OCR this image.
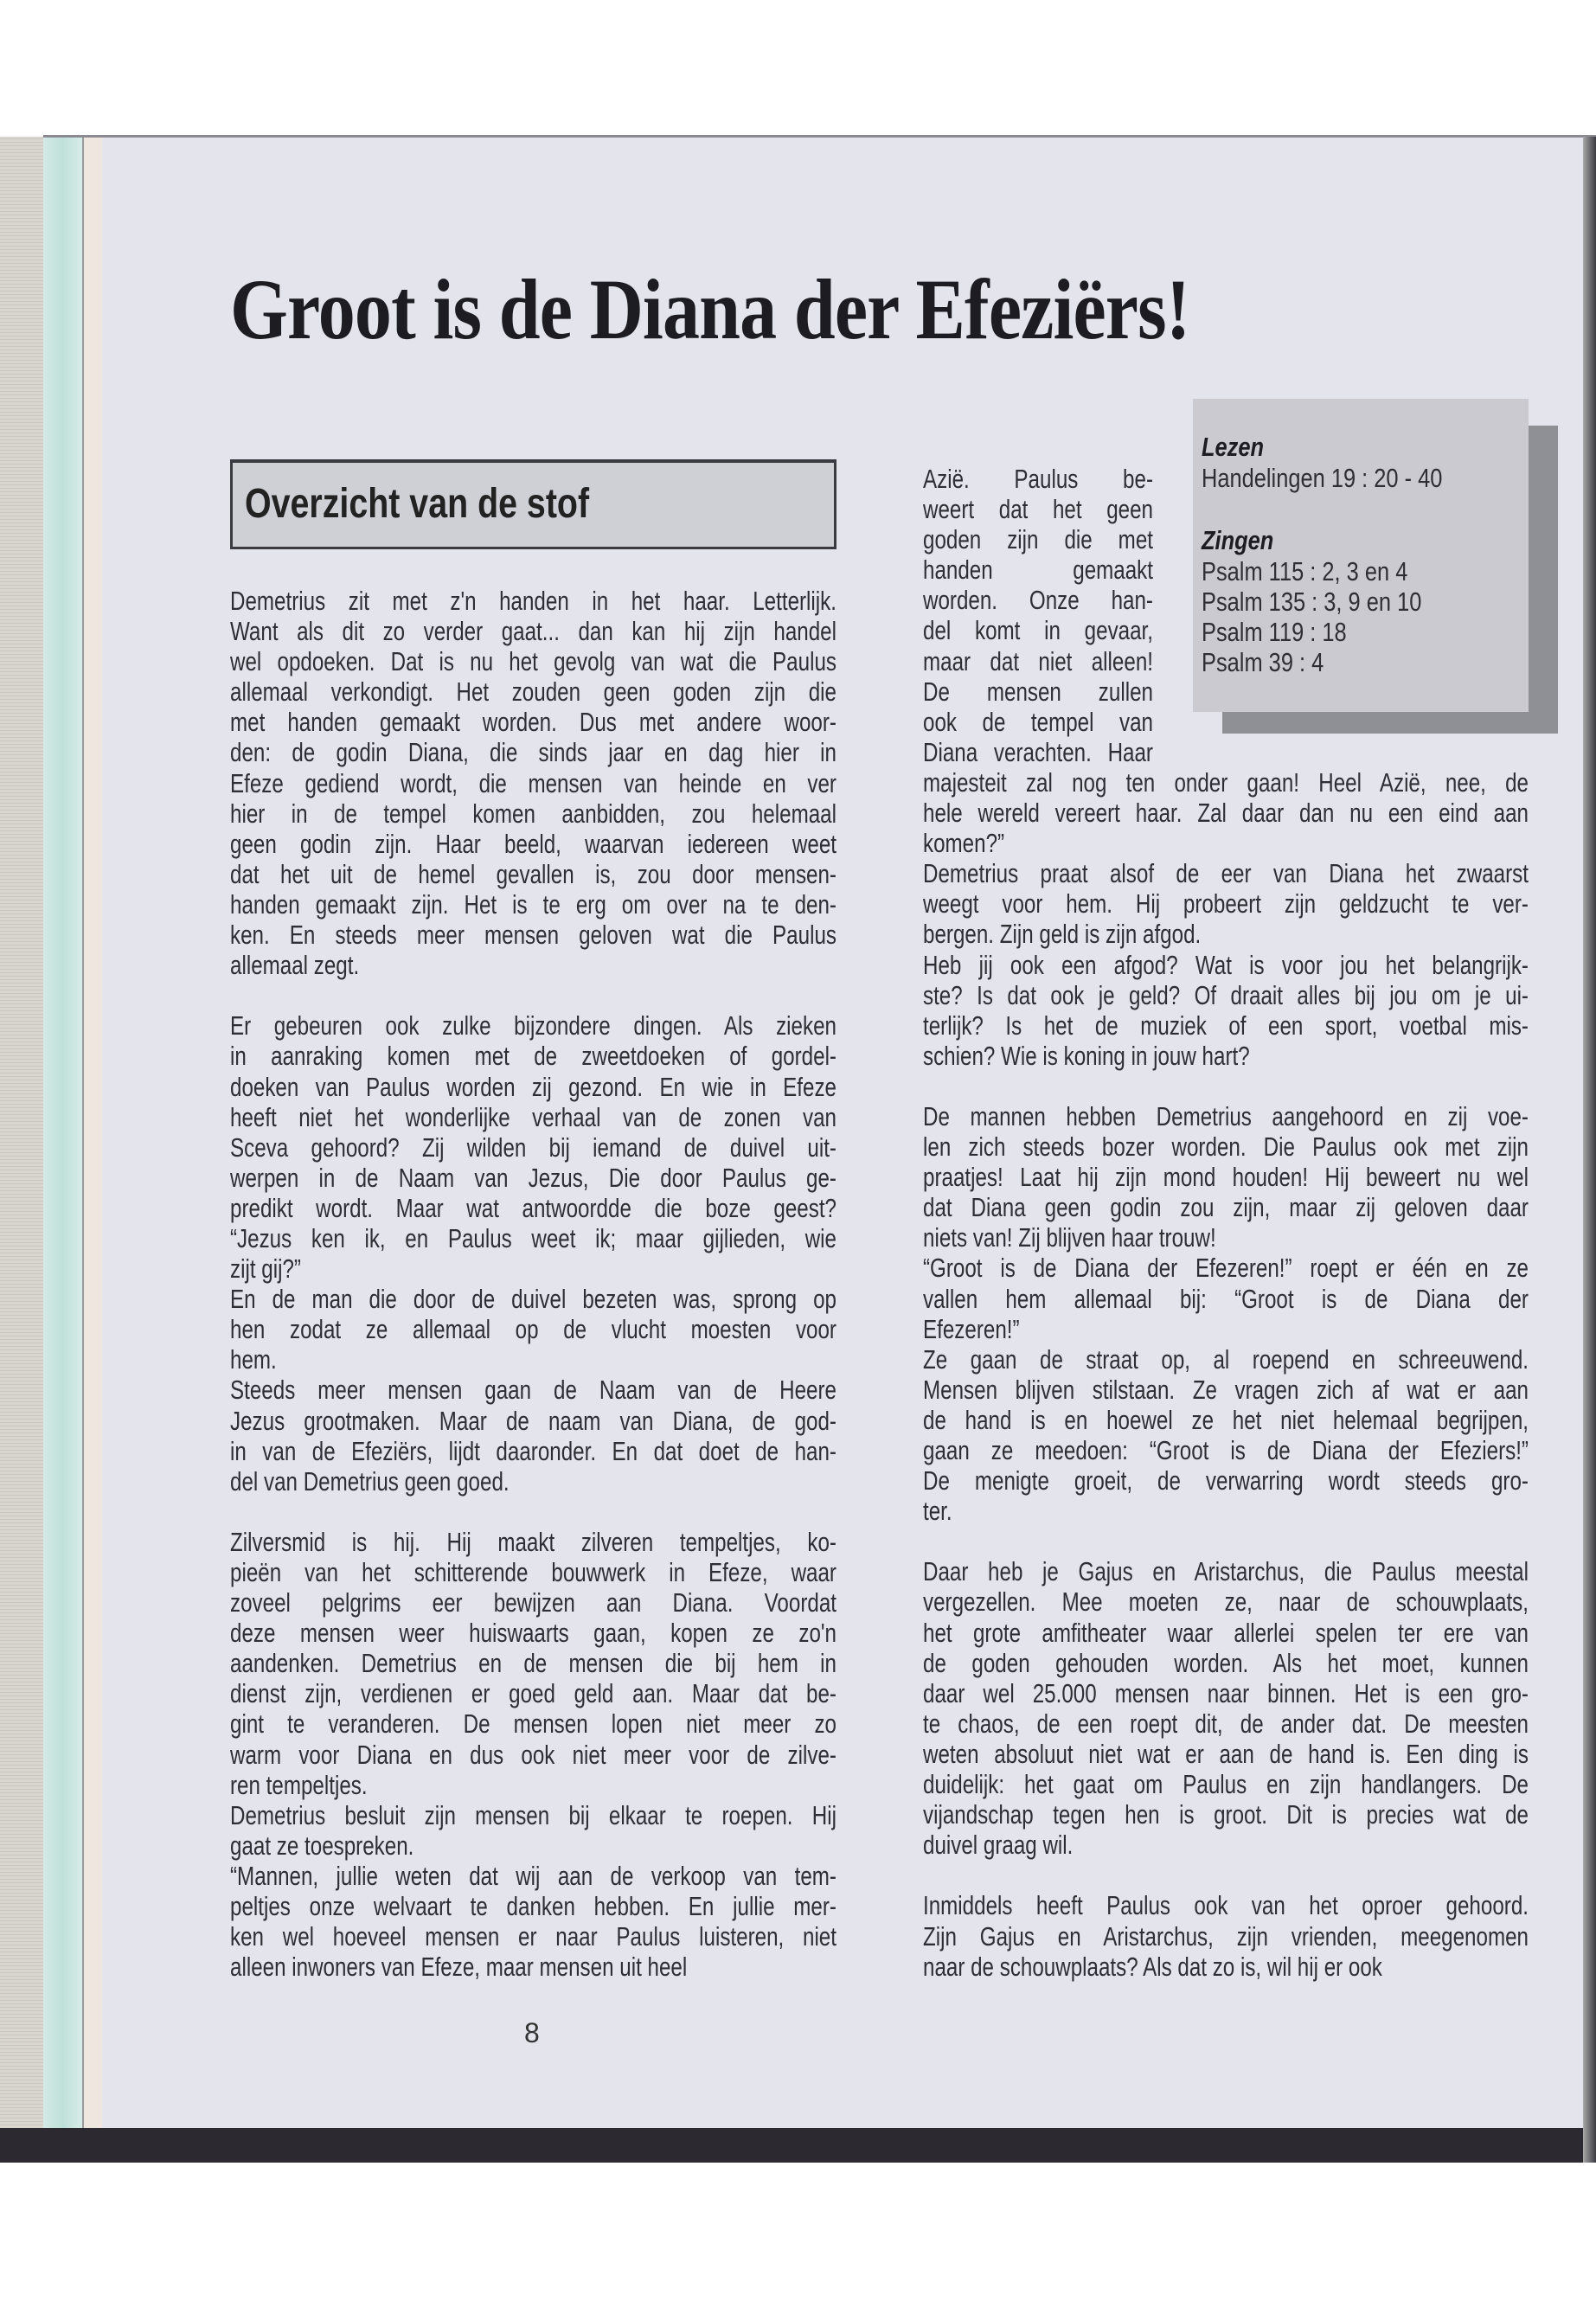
Groot is de Diana der Efeziërs!
Overzicht van de stof
Lezen
Handelingen 19 : 20 - 40
Zingen
Psalm 115 : 2, 3 en 4
Psalm 135 : 3, 9 en 10
Psalm 119 : 18
Psalm 39 : 4
Demetrius zit met z'n handen in het haar. Letterlijk.
Want als dit zo verder gaat... dan kan hij zijn handel
wel opdoeken. Dat is nu het gevolg van wat die Paulus
allemaal verkondigt. Het zouden geen goden zijn die
met handen gemaakt worden. Dus met andere woor-
den: de godin Diana, die sinds jaar en dag hier in
Efeze gediend wordt, die mensen van heinde en ver
hier in de tempel komen aanbidden, zou helemaal
geen godin zijn. Haar beeld, waarvan iedereen weet
dat het uit de hemel gevallen is, zou door mensen-
handen gemaakt zijn. Het is te erg om over na te den-
ken. En steeds meer mensen geloven wat die Paulus
allemaal zegt.
Er gebeuren ook zulke bijzondere dingen. Als zieken
in aanraking komen met de zweetdoeken of gordel-
doeken van Paulus worden zij gezond. En wie in Efeze
heeft niet het wonderlijke verhaal van de zonen van
Sceva gehoord? Zij wilden bij iemand de duivel uit-
werpen in de Naam van Jezus, Die door Paulus ge-
predikt wordt. Maar wat antwoordde die boze geest?
“Jezus ken ik, en Paulus weet ik; maar gijlieden, wie
zijt gij?”
En de man die door de duivel bezeten was, sprong op
hen zodat ze allemaal op de vlucht moesten voor
hem.
Steeds meer mensen gaan de Naam van de Heere
Jezus grootmaken. Maar de naam van Diana, de god-
in van de Efeziërs, lijdt daaronder. En dat doet de han-
del van Demetrius geen goed.
Zilversmid is hij. Hij maakt zilveren tempeltjes, ko-
pieën van het schitterende bouwwerk in Efeze, waar
zoveel pelgrims eer bewijzen aan Diana. Voordat
deze mensen weer huiswaarts gaan, kopen ze zo'n
aandenken. Demetrius en de mensen die bij hem in
dienst zijn, verdienen er goed geld aan. Maar dat be-
gint te veranderen. De mensen lopen niet meer zo
warm voor Diana en dus ook niet meer voor de zilve-
ren tempeltjes.
Demetrius besluit zijn mensen bij elkaar te roepen. Hij
gaat ze toespreken.
“Mannen, jullie weten dat wij aan de verkoop van tem-
peltjes onze welvaart te danken hebben. En jullie mer-
ken wel hoeveel mensen er naar Paulus luisteren, niet
alleen inwoners van Efeze, maar mensen uit heel
Azië. Paulus be-
weert dat het geen
goden zijn die met
handen gemaakt
worden. Onze han-
del komt in gevaar,
maar dat niet alleen!
De mensen zullen
ook de tempel van
Diana verachten. Haar
majesteit zal nog ten onder gaan! Heel Azië, nee, de
hele wereld vereert haar. Zal daar dan nu een eind aan
komen?”
Demetrius praat alsof de eer van Diana het zwaarst
weegt voor hem. Hij probeert zijn geldzucht te ver-
bergen. Zijn geld is zijn afgod.
Heb jij ook een afgod? Wat is voor jou het belangrijk-
ste? Is dat ook je geld? Of draait alles bij jou om je ui-
terlijk? Is het de muziek of een sport, voetbal mis-
schien? Wie is koning in jouw hart?
De mannen hebben Demetrius aangehoord en zij voe-
len zich steeds bozer worden. Die Paulus ook met zijn
praatjes! Laat hij zijn mond houden! Hij beweert nu wel
dat Diana geen godin zou zijn, maar zij geloven daar
niets van! Zij blijven haar trouw!
“Groot is de Diana der Efezeren!” roept er één en ze
vallen hem allemaal bij: “Groot is de Diana der
Efezeren!”
Ze gaan de straat op, al roepend en schreeuwend.
Mensen blijven stilstaan. Ze vragen zich af wat er aan
de hand is en hoewel ze het niet helemaal begrijpen,
gaan ze meedoen: “Groot is de Diana der Efeziers!”
De menigte groeit, de verwarring wordt steeds gro-
ter.
Daar heb je Gajus en Aristarchus, die Paulus meestal
vergezellen. Mee moeten ze, naar de schouwplaats,
het grote amfitheater waar allerlei spelen ter ere van
de goden gehouden worden. Als het moet, kunnen
daar wel 25.000 mensen naar binnen. Het is een gro-
te chaos, de een roept dit, de ander dat. De meesten
weten absoluut niet wat er aan de hand is. Een ding is
duidelijk: het gaat om Paulus en zijn handlangers. De
vijandschap tegen hen is groot. Dit is precies wat de
duivel graag wil.
Inmiddels heeft Paulus ook van het oproer gehoord.
Zijn Gajus en Aristarchus, zijn vrienden, meegenomen
naar de schouwplaats? Als dat zo is, wil hij er ook
8
